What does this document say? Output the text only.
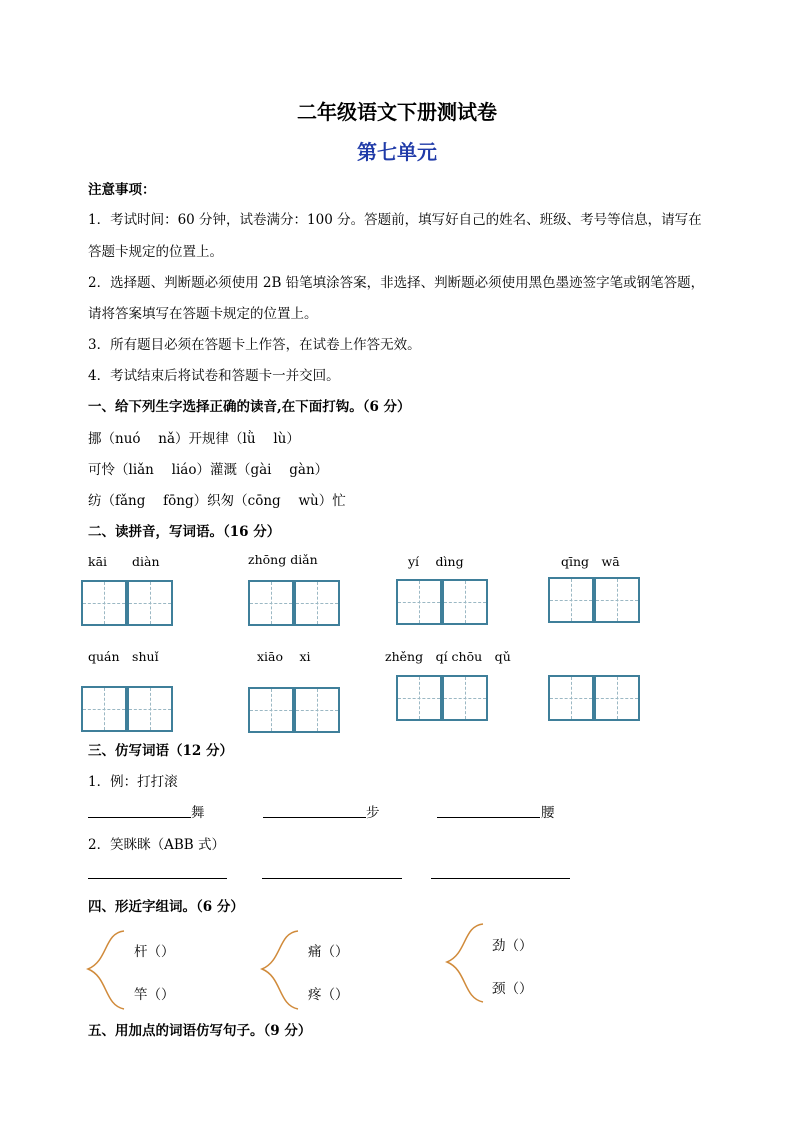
二年级语文下册测试卷
第七单元
注意事项：
1．考试时间：60 分钟，试卷满分：100 分。答题前，填写好自己的姓名、班级、考号等信息，请写在
答题卡规定的位置上。
2．选择题、判断题必须使用 2B 铅笔填涂答案，非选择、判断题必须使用黑色墨迹签字笔或钢笔答题，
请将答案填写在答题卡规定的位置上。
3．所有题目必须在答题卡上作答，在试卷上作答无效。
4．考试结束后将试卷和答题卡一并交回。
一、给下列生字选择正确的读音,在下面打钩。（6 分）
挪（nuó　 nǎ）开规律（lǜ　 lù）
可怜（liǎn　 liáo）灌溉（gài　 gàn）
纺（fǎng　 fōng）织匆（cōng　 wù）忙
二、读拼音，写词语。（16 分）
kāi　　diàn	zhōng diǎn	yí　 dìng	qīng　wā
quán　shuǐ	xiāo　 xi	zhěng　qí chōu　qǔ
三、仿写词语（12 分）
1．例：打打滚
舞	步	腰
2．笑眯眯（ABB 式）
四、形近字组词。（6 分）
杆（）
竿（）
痛（）
疼（）
劲（）
颈（）
五、用加点的词语仿写句子。（9 分）
